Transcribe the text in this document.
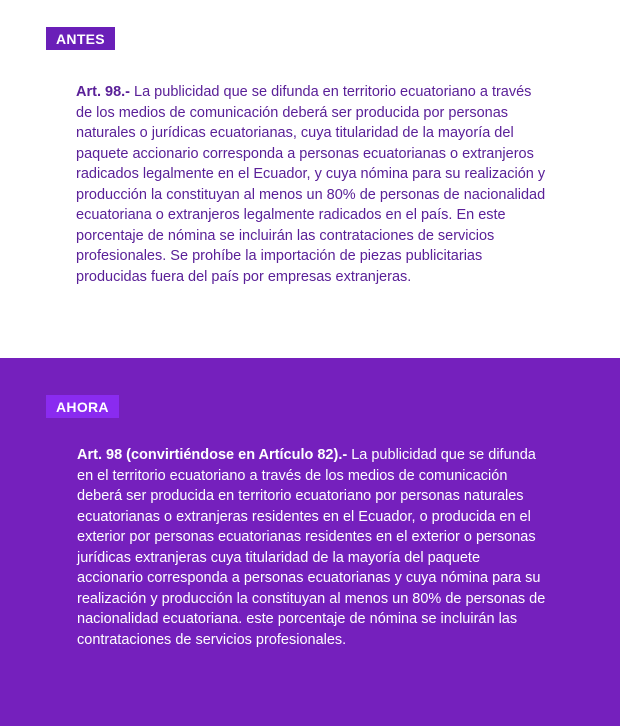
ANTES

Art. 98.- La publicidad que se difunda en territorio ecuatoriano a través de los medios de comunicación deberá ser producida por personas naturales o jurídicas ecuatorianas, cuya titularidad de la mayoría del paquete accionario corresponda a personas ecuatorianas o extranjeros radicados legalmente en el Ecuador, y cuya nómina para su realización y producción la constituyan al menos un 80% de personas de nacionalidad ecuatoriana o extranjeros legalmente radicados en el país. En este porcentaje de nómina se incluirán las contrataciones de servicios profesionales. Se prohíbe la importación de piezas publicitarias producidas fuera del país por empresas extranjeras.

AHORA

Art. 98 (convirtiéndose en Artículo 82).- La publicidad que se difunda en el territorio ecuatoriano a través de los medios de comunicación deberá ser producida en territorio ecuatoriano por personas naturales ecuatorianas o extranjeras residentes en el Ecuador, o producida en el exterior por personas ecuatorianas residentes en el exterior o personas jurídicas extranjeras cuya titularidad de la mayoría del paquete accionario corresponda a personas ecuatorianas y cuya nómina para su realización y producción la constituyan al menos un 80% de personas de nacionalidad ecuatoriana. este porcentaje de nómina se incluirán las contrataciones de servicios profesionales.
